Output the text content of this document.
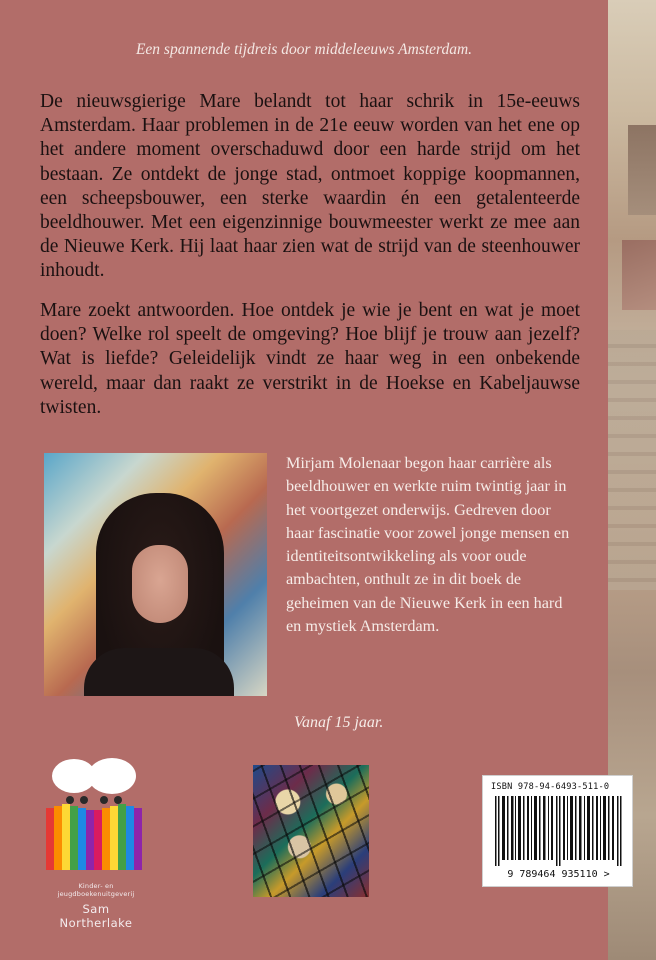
Een spannende tijdreis door middeleeuws Amsterdam.

De nieuwsgierige Mare belandt tot haar schrik in 15e-eeuws Amsterdam. Haar problemen in de 21e eeuw worden van het ene op het andere moment overschaduwd door een harde strijd om het bestaan. Ze ontdekt de jonge stad, ontmoet koppige koopmannen, een scheepsbouwer, een sterke waardin én een getalenteerde beeldhouwer. Met een eigenzinnige bouwmeester werkt ze mee aan de Nieuwe Kerk. Hij laat haar zien wat de strijd van de steenhouwer inhoudt.

Mare zoekt antwoorden. Hoe ontdek je wie je bent en wat je moet doen? Welke rol speelt de omgeving? Hoe blijf je trouw aan jezelf? Wat is liefde? Geleidelijk vindt ze haar weg in een onbekende wereld, maar dan raakt ze verstrikt in de Hoekse en Kabeljauwse twisten.

Mirjam Molenaar begon haar carrière als beeldhouwer en werkte ruim twintig jaar in het voortgezet onderwijs. Gedreven door haar fascinatie voor zowel jonge mensen en identiteitsontwikkeling als voor oude ambachten, onthult ze in dit boek de geheimen van de Nieuwe Kerk in een hard en mystiek Amsterdam.

Vanaf 15 jaar.
Kinder- en jeugdboekenuitgeverij
Sam Northerlake
ISBN 978-94-6493-511-0
9 789464 935110 >
